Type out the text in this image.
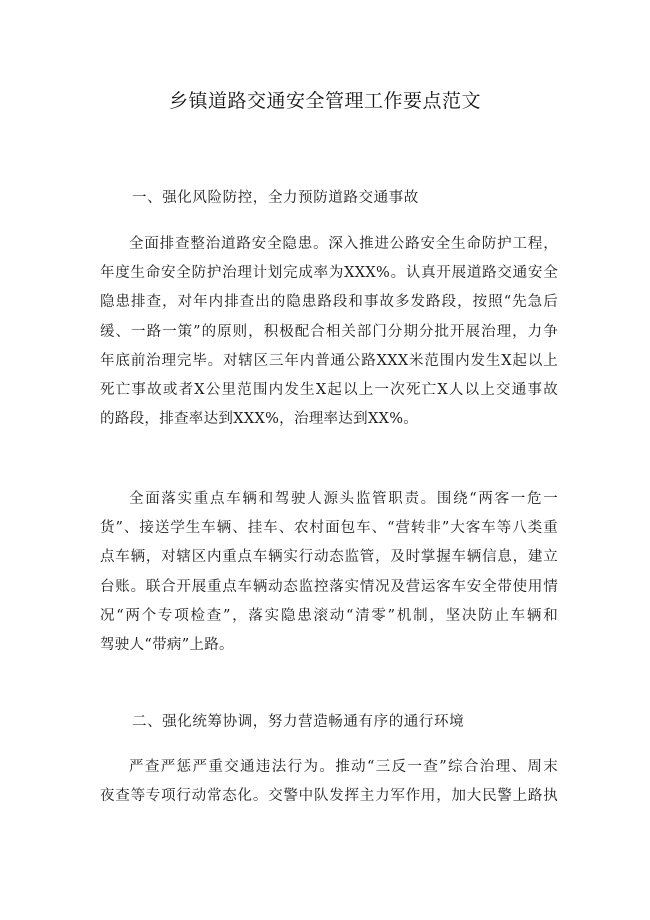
乡镇道路交通安全管理工作要点范文
一、强化风险防控，全力预防道路交通事故
全面排查整治道路安全隐患。深入推进公路安全生命防护工程，
年度生命安全防护治理计划完成率为XXX%。认真开展道路交通安全
隐患排查，对年内排查出的隐患路段和事故多发路段，按照“先急后
缓、一路一策”的原则，积极配合相关部门分期分批开展治理，力争
年底前治理完毕。对辖区三年内普通公路XXX米范围内发生X起以上
死亡事故或者X公里范围内发生X起以上一次死亡X人以上交通事故
的路段，排查率达到XXX%，治理率达到XX%。
全面落实重点车辆和驾驶人源头监管职责。围绕“两客一危一
货”、接送学生车辆、挂车、农村面包车、“营转非”大客车等八类重
点车辆，对辖区内重点车辆实行动态监管，及时掌握车辆信息，建立
台账。联合开展重点车辆动态监控落实情况及营运客车安全带使用情
况“两个专项检查”，落实隐患滚动“清零”机制，坚决防止车辆和
驾驶人“带病”上路。
二、强化统筹协调，努力营造畅通有序的通行环境
严查严惩严重交通违法行为。推动“三反一查”综合治理、周末
夜查等专项行动常态化。交警中队发挥主力军作用，加大民警上路执
